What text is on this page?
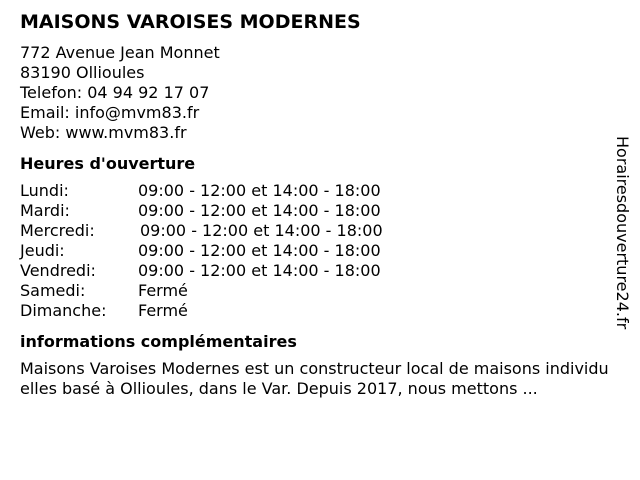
MAISONS VAROISES MODERNES
772 Avenue Jean Monnet
83190 Ollioules
Telefon: 04 94 92 17 07
Email: info@mvm83.fr
Web: www.mvm83.fr
Heures d'ouverture
Lundi:	09:00 - 12:00 et 14:00 - 18:00
Mardi:	09:00 - 12:00 et 14:00 - 18:00
Mercredi:	09:00 - 12:00 et 14:00 - 18:00
Jeudi:	09:00 - 12:00 et 14:00 - 18:00
Vendredi:	09:00 - 12:00 et 14:00 - 18:00
Samedi:	Fermé
Dimanche:	Fermé
informations complémentaires
Maisons Varoises Modernes est un constructeur local de maisons individuelles basé à Ollioules, dans le Var. Depuis 2017, nous mettons ...
Horairesdouverture24.fr
